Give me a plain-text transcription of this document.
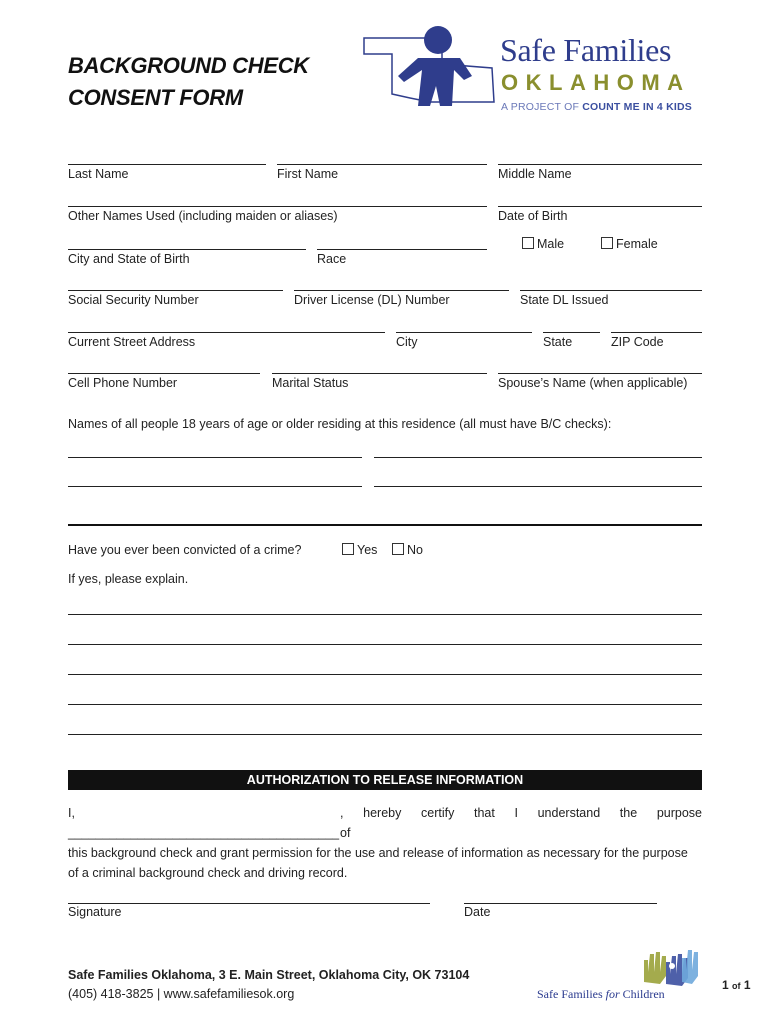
BACKGROUND CHECK
CONSENT FORM
Safe Families
OKLAHOMA
A PROJECT OF COUNT ME IN 4 KIDS
Last Name	First Name	Middle Name
Other Names Used (including maiden or aliases)	Date of Birth
City and State of Birth	Race
Male	Female
Social Security Number	Driver License (DL) Number	State DL Issued
Current Street Address	City	State	ZIP Code
Cell Phone Number	Marital Status	Spouse’s Name (when applicable)
Names of all people 18 years of age or older residing at this residence (all must have B/C checks):
Have you ever been convicted of a crime?	Yes	No
If yes, please explain.
AUTHORIZATION TO RELEASE INFORMATION
I, _______________________________________
, hereby certify that I understand the purpose of
this background check and grant permission for the use and release of information as necessary for the purpose
of a criminal background check and driving record.
Signature	Date
Safe Families Oklahoma, 3 E. Main Street, Oklahoma City, OK 73104
(405) 418-3825 | www.safefamiliesok.org	Safe Families for Children
1 of 1
